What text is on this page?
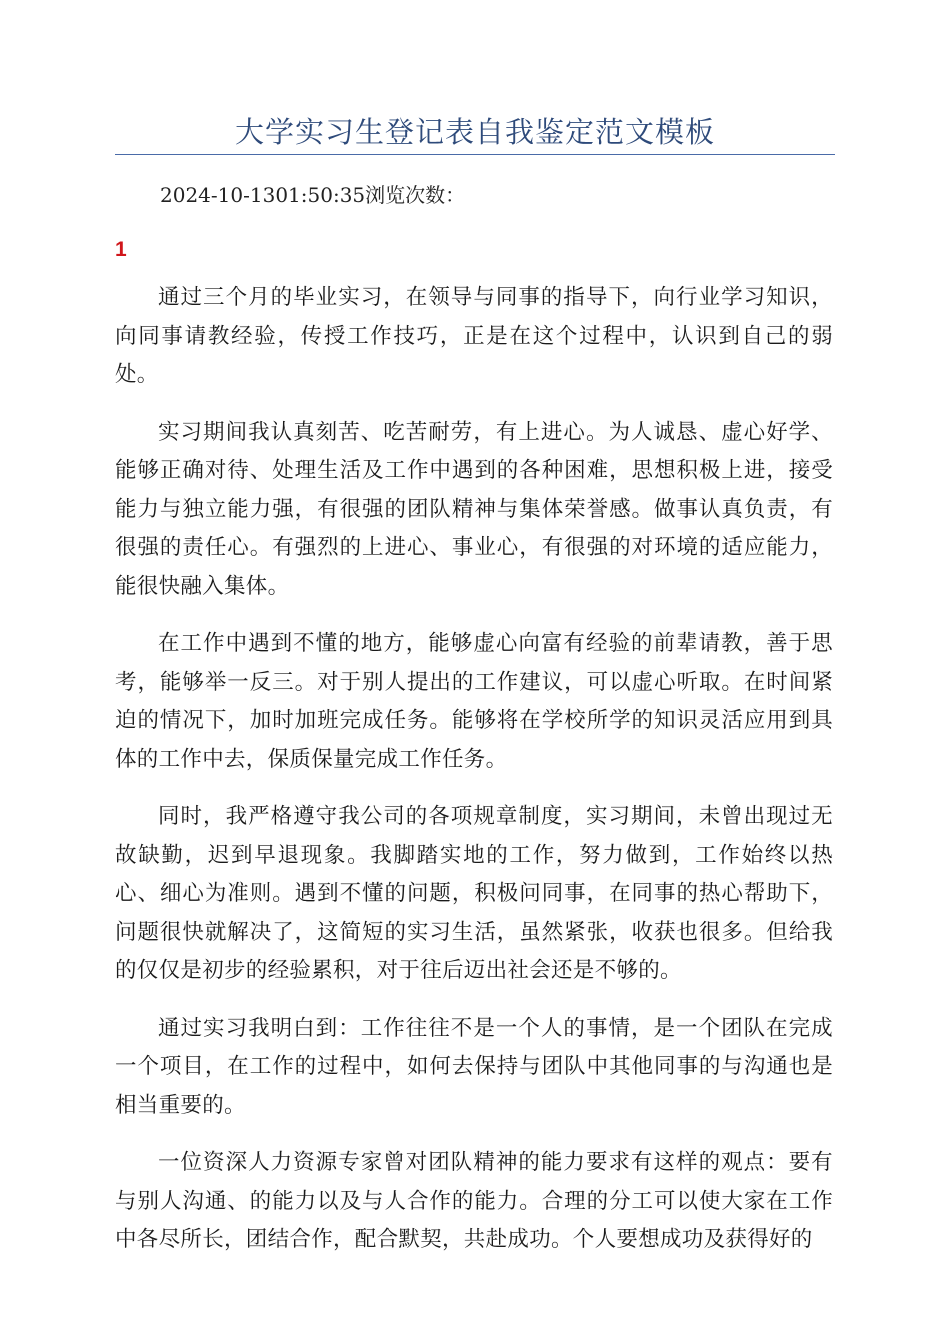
大学实习生登记表自我鉴定范文模板
2024-10-1301:50:35浏览次数：
1

通过三个月的毕业实习，在领导与同事的指导下，向行业学习知识，向同事请教经验，传授工作技巧，正是在这个过程中，认识到自己的弱处。

实习期间我认真刻苦、吃苦耐劳，有上进心。为人诚恳、虚心好学、能够正确对待、处理生活及工作中遇到的各种困难，思想积极上进，接受能力与独立能力强，有很强的团队精神与集体荣誉感。做事认真负责，有很强的责任心。有强烈的上进心、事业心，有很强的对环境的适应能力，能很快融入集体。

在工作中遇到不懂的地方，能够虚心向富有经验的前辈请教，善于思考，能够举一反三。对于别人提出的工作建议，可以虚心听取。在时间紧迫的情况下，加时加班完成任务。能够将在学校所学的知识灵活应用到具体的工作中去，保质保量完成工作任务。

同时，我严格遵守我公司的各项规章制度，实习期间，未曾出现过无故缺勤，迟到早退现象。我脚踏实地的工作，努力做到，工作始终以热心、细心为准则。遇到不懂的问题，积极问同事，在同事的热心帮助下，问题很快就解决了，这简短的实习生活，虽然紧张，收获也很多。但给我的仅仅是初步的经验累积，对于往后迈出社会还是不够的。

通过实习我明白到：工作往往不是一个人的事情，是一个团队在完成一个项目，在工作的过程中，如何去保持与团队中其他同事的与沟通也是相当重要的。

一位资深人力资源专家曾对团队精神的能力要求有这样的观点：要有与别人沟通、的能力以及与人合作的能力。合理的分工可以使大家在工作中各尽所长，团结合作，配合默契，共赴成功。个人要想成功及获得好的
